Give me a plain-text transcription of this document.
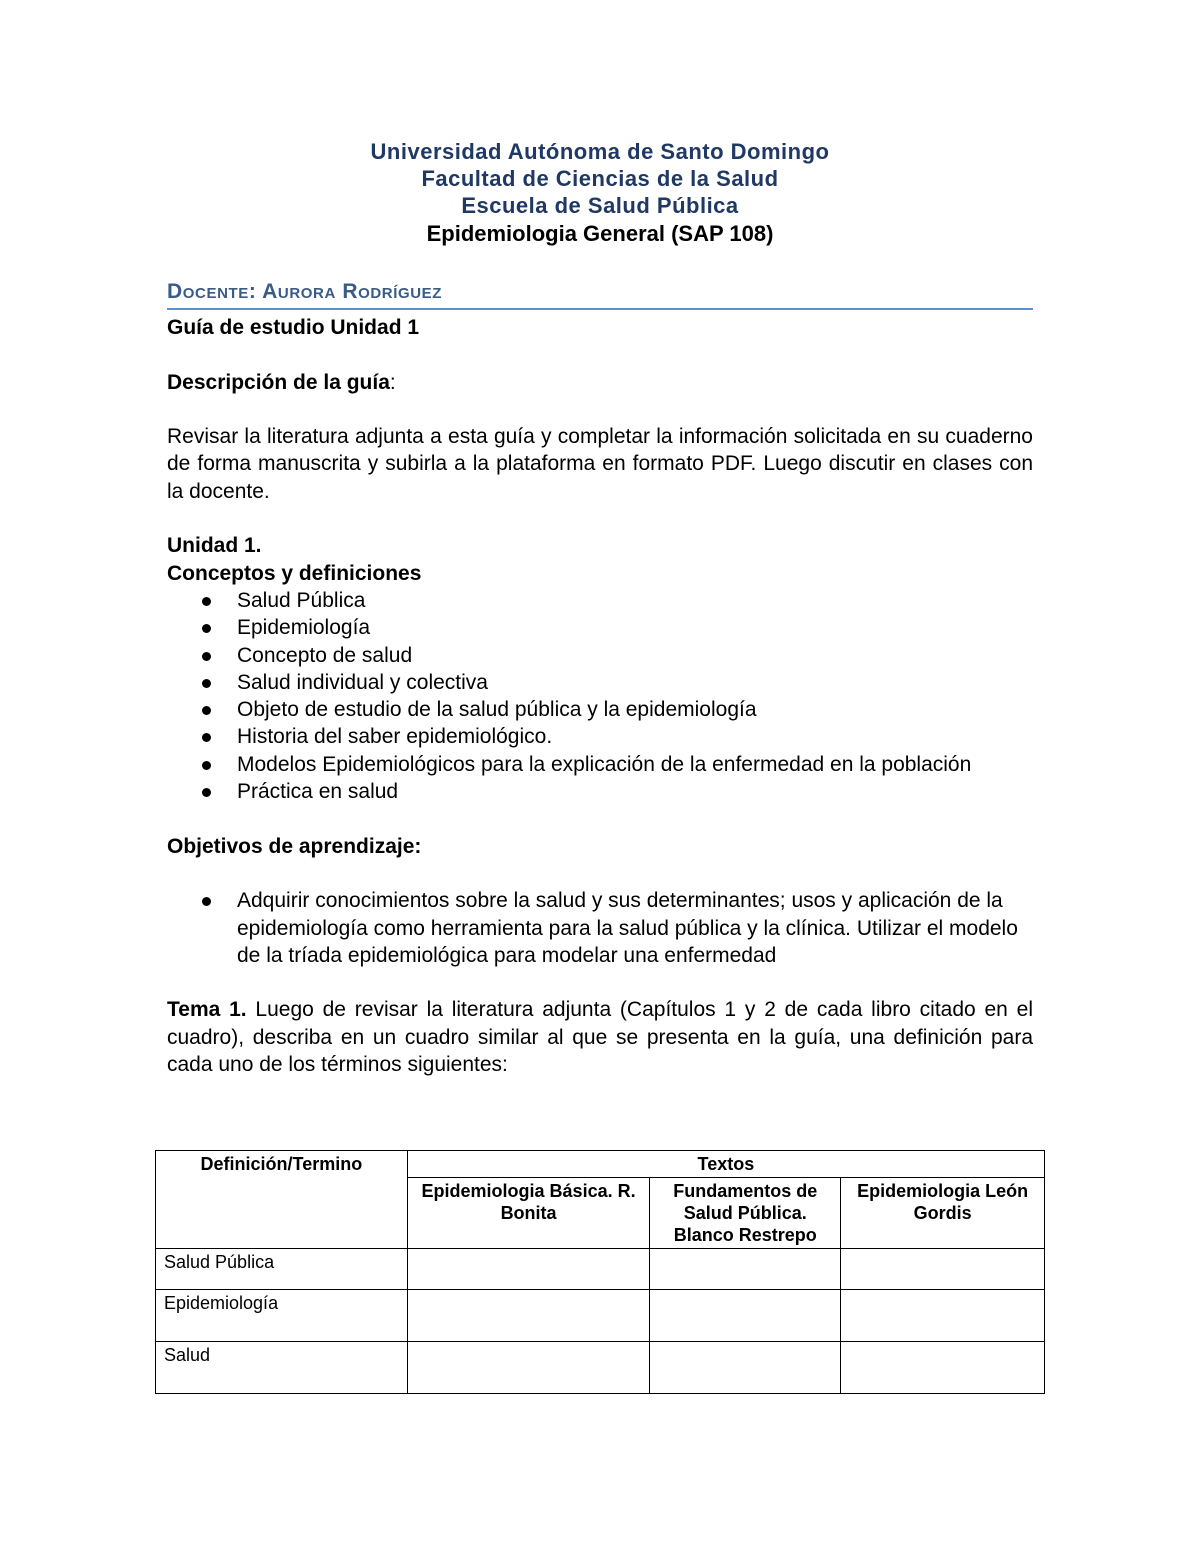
Universidad Autónoma de Santo Domingo
Facultad de Ciencias de la Salud
Escuela de Salud Pública
Epidemiologia General (SAP 108)
Docente: Aurora Rodríguez

Guía de estudio Unidad 1

Descripción de la guía:

Revisar la literatura adjunta a esta guía y completar la información solicitada en su cuaderno de forma manuscrita y subirla a la plataforma en formato PDF. Luego discutir en clases con la docente.

Unidad 1.

Conceptos y definiciones

Salud Pública
Epidemiología
Concepto de salud
Salud individual y colectiva
Objeto de estudio de la salud pública y la epidemiología
Historia del saber epidemiológico.
Modelos Epidemiológicos para la explicación de la enfermedad en la población
Práctica en salud

Objetivos de aprendizaje:

Adquirir conocimientos sobre la salud y sus determinantes; usos y aplicación de la epidemiología como herramienta para la salud pública y la clínica. Utilizar el modelo de la tríada epidemiológica para modelar una enfermedad

Tema 1. Luego de revisar la literatura adjunta (Capítulos 1 y 2 de cada libro citado en el cuadro), describa en un cuadro similar al que se presenta en la guía, una definición para cada uno de los términos siguientes:

Definición/Termino	Textos		
	Epidemiologia Básica. R. Bonita	Fundamentos de Salud Pública. Blanco Restrepo	Epidemiologia León Gordis
Salud Pública			
Epidemiología			
Salud			
